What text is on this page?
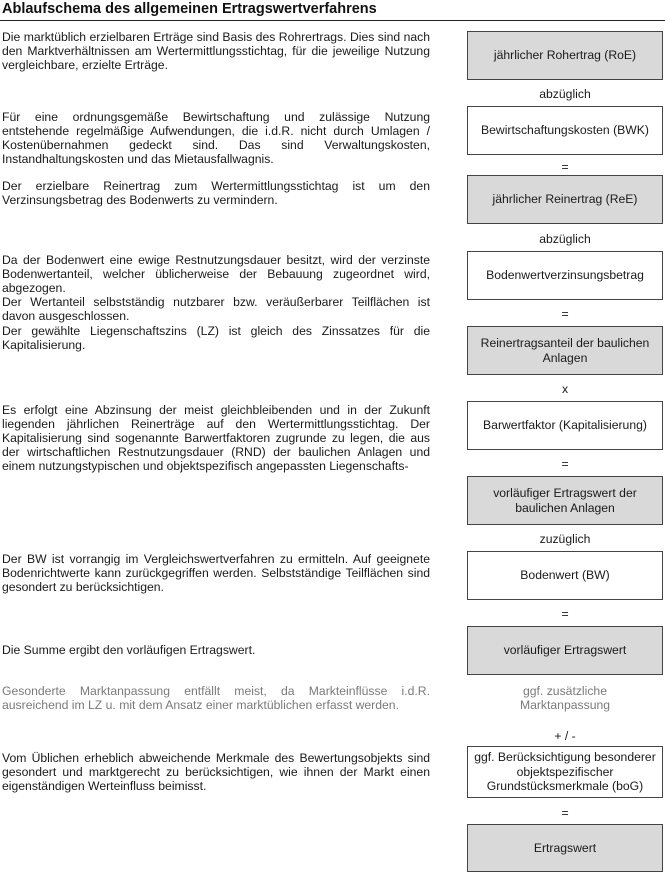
Ablaufschema des allgemeinen Ertragswertverfahrens
Die marktüblich erzielbaren Erträge sind Basis des Rohrertrags. Dies sind nach den Marktverhältnissen am Wertermittlungsstichtag, für die jeweilige Nutzung vergleichbare, erzielte Erträge.
Für eine ordnungsgemäße Bewirtschaftung und zulässige Nutzung entstehende regelmäßige Aufwendungen, die i.d.R. nicht durch Umlagen / Kostenübernahmen gedeckt sind. Das sind Verwaltungskosten, Instandhaltungskosten und das Mietausfallwagnis.
Der erzielbare Reinertrag zum Wertermittlungsstichtag ist um den Verzinsungsbetrag des Bodenwerts zu vermindern.
Da der Bodenwert eine ewige Restnutzungsdauer besitzt, wird der verzinste Bodenwertanteil, welcher üblicherweise der Bebauung zugeordnet wird, abgezogen.
Der Wertanteil selbstständig nutzbarer bzw. veräußerbarer Teilflächen ist davon ausgeschlossen.
Der gewählte Liegenschaftszins (LZ) ist gleich des Zinssatzes für die Kapitalisierung.
Es erfolgt eine Abzinsung der meist gleichbleibenden und in der Zukunft liegenden jährlichen Reinerträge auf den Wertermittlungsstichtag. Der Kapitalisierung sind sogenannte Barwertfaktoren zugrunde zu legen, die aus der wirtschaftlichen Restnutzungsdauer (RND) der baulichen Anlagen und einem nutzungstypischen und objektspezifisch angepassten Liegenschafts-
Der BW ist vorrangig im Vergleichswertverfahren zu ermitteln. Auf geeignete Bodenrichtwerte kann zurückgegriffen werden. Selbstständige Teilflächen sind gesondert zu berücksichtigen.
Die Summe ergibt den vorläufigen Ertragswert.
Gesonderte Marktanpassung entfällt meist, da Markteinflüsse i.d.R. ausreichend im LZ u. mit dem Ansatz einer marktüblichen erfasst werden.
Vom Üblichen erheblich abweichende Merkmale des Bewertungsobjekts sind gesondert und marktgerecht zu berücksichtigen, wie ihnen der Markt einen eigenständigen Werteinfluss beimisst.
jährlicher Rohertrag (RoE)
abzüglich
Bewirtschaftungskosten (BWK)
=
jährlicher Reinertrag (ReE)
abzüglich
Bodenwertverzinsungsbetrag
=
Reinertragsanteil der baulichen Anlagen
x
Barwertfaktor (Kapitalisierung)
=
vorläufiger Ertragswert der baulichen Anlagen
zuzüglich
Bodenwert (BW)
=
vorläufiger Ertragswert
ggf. zusätzliche Marktanpassung
+ / -
ggf. Berücksichtigung besonderer objektspezifischer Grundstücksmerkmale (boG)
=
Ertragswert
